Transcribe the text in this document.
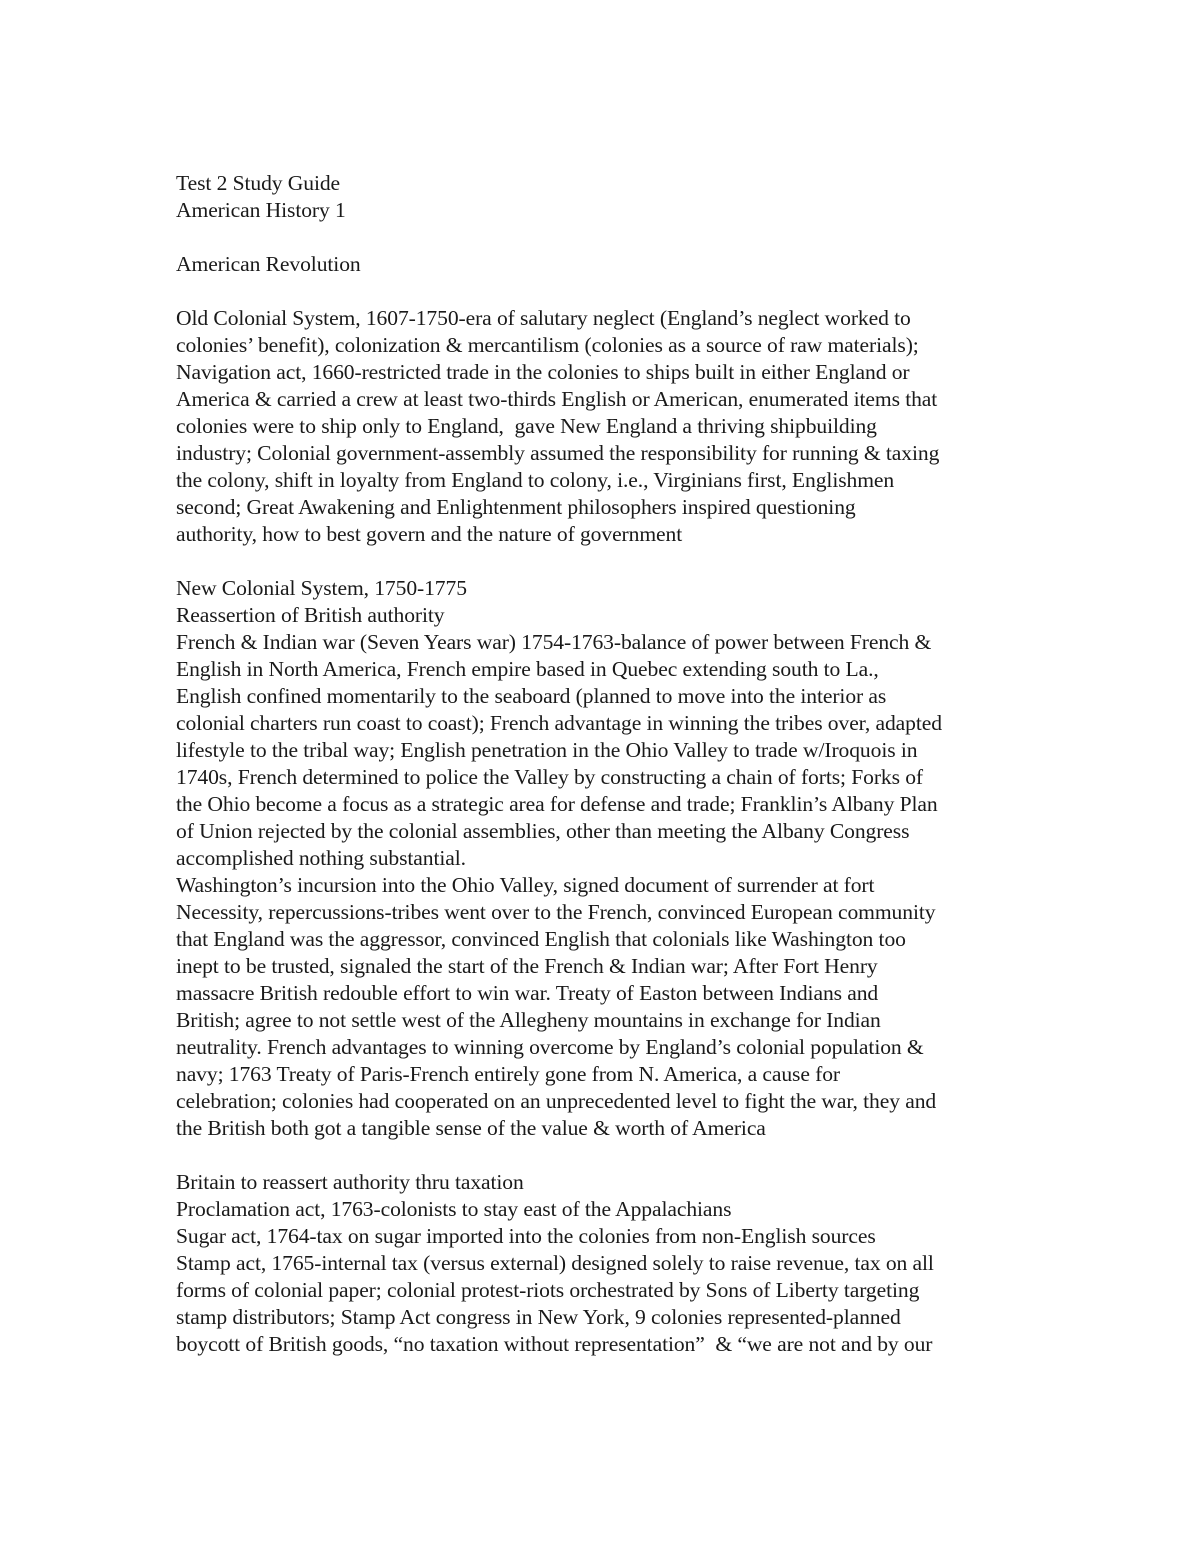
Test 2 Study Guide
American History 1
American Revolution
Old Colonial System, 1607-1750-era of salutary neglect (England’s neglect worked to
colonies’ benefit), colonization & mercantilism (colonies as a source of raw materials);
Navigation act, 1660-restricted trade in the colonies to ships built in either England or
America & carried a crew at least two-thirds English or American, enumerated items that
colonies were to ship only to England,  gave New England a thriving shipbuilding
industry; Colonial government-assembly assumed the responsibility for running & taxing
the colony, shift in loyalty from England to colony, i.e., Virginians first, Englishmen
second; Great Awakening and Enlightenment philosophers inspired questioning
authority, how to best govern and the nature of government
New Colonial System, 1750-1775
Reassertion of British authority
French & Indian war (Seven Years war) 1754-1763-balance of power between French &
English in North America, French empire based in Quebec extending south to La.,
English confined momentarily to the seaboard (planned to move into the interior as
colonial charters run coast to coast); French advantage in winning the tribes over, adapted
lifestyle to the tribal way; English penetration in the Ohio Valley to trade w/Iroquois in
1740s, French determined to police the Valley by constructing a chain of forts; Forks of
the Ohio become a focus as a strategic area for defense and trade; Franklin’s Albany Plan
of Union rejected by the colonial assemblies, other than meeting the Albany Congress
accomplished nothing substantial.
Washington’s incursion into the Ohio Valley, signed document of surrender at fort
Necessity, repercussions-tribes went over to the French, convinced European community
that England was the aggressor, convinced English that colonials like Washington too
inept to be trusted, signaled the start of the French & Indian war; After Fort Henry
massacre British redouble effort to win war. Treaty of Easton between Indians and
British; agree to not settle west of the Allegheny mountains in exchange for Indian
neutrality. French advantages to winning overcome by England’s colonial population &
navy; 1763 Treaty of Paris-French entirely gone from N. America, a cause for
celebration; colonies had cooperated on an unprecedented level to fight the war, they and
the British both got a tangible sense of the value & worth of America
Britain to reassert authority thru taxation
Proclamation act, 1763-colonists to stay east of the Appalachians
Sugar act, 1764-tax on sugar imported into the colonies from non-English sources
Stamp act, 1765-internal tax (versus external) designed solely to raise revenue, tax on all
forms of colonial paper; colonial protest-riots orchestrated by Sons of Liberty targeting
stamp distributors; Stamp Act congress in New York, 9 colonies represented-planned
boycott of British goods, “no taxation without representation”  & “we are not and by our
